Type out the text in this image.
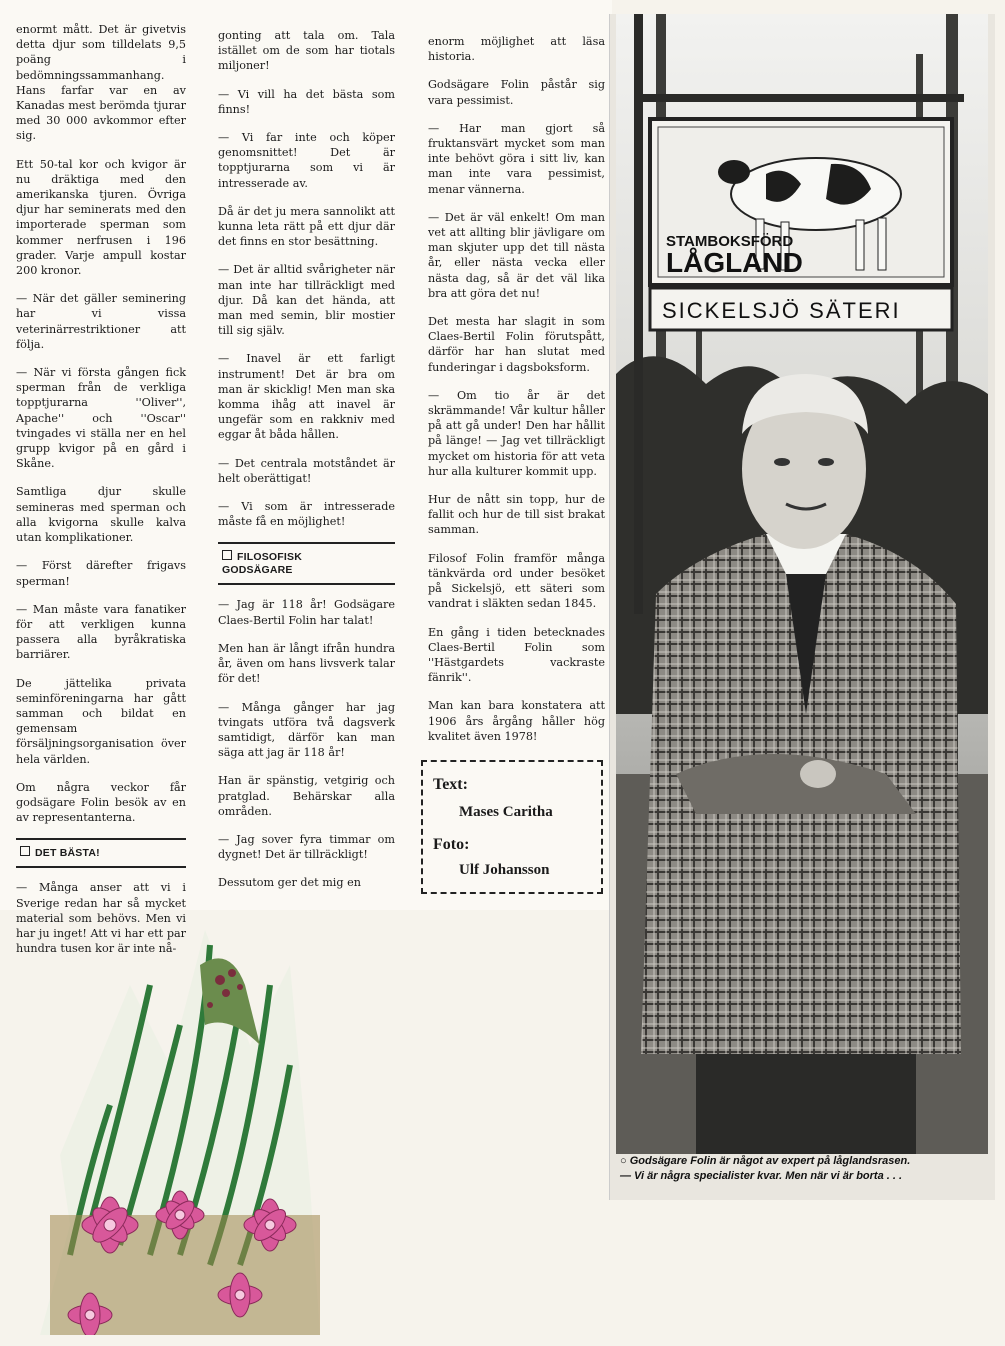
enormt mått. Det är givetvis detta djur som tilldelats 9,5 poäng i bedömningssammanhang. Hans farfar var en av Kanadas mest berömda tjurar med 30 000 avkommor efter sig.

Ett 50-tal kor och kvigor är nu dräktiga med den amerikanska tjuren. Övriga djur har seminerats med den importerade sperman som kommer nerfrusen i 196 grader. Varje ampull kostar 200 kronor.

— När det gäller seminering har vi vissa veterinärrestriktioner att följa.

— När vi första gången fick sperman från de verkliga topptjurarna ''Oliver'', Apache'' och ''Oscar'' tvingades vi ställa ner en hel grupp kvigor på en gård i Skåne.

Samtliga djur skulle semineras med sperman och alla kvigorna skulle kalva utan komplikationer.

— Först därefter frigavs sperman!

— Man måste vara fanatiker för att verkligen kunna passera alla byråkratiska barriärer.

De jättelika privata seminföreningarna har gått samman och bildat en gemensam försäljningsorganisation över hela världen.

Om några veckor får godsägare Folin besök av en av representanterna.

DET BÄSTA!

— Många anser att vi i Sverige redan har så mycket material som behövs. Men vi har ju inget! Att vi har ett par hundra tusen kor är inte nå-

gonting att tala om. Tala istället om de som har tiotals miljoner!

— Vi vill ha det bästa som finns!

— Vi far inte och köper genomsnittet! Det är topptjurarna som vi är intresserade av.

Då är det ju mera sannolikt att kunna leta rätt på ett djur där det finns en stor besättning.

— Det är alltid svårigheter när man inte har tillräckligt med djur. Då kan det hända, att man med semin, blir mostier till sig själv.

— Inavel är ett farligt instrument! Det är bra om man är skicklig! Men man ska komma ihåg att inavel är ungefär som en rakkniv med eggar åt båda hållen.

— Det centrala motståndet är helt oberättigat!

— Vi som är intresserade måste få en möjlighet!

FILOSOFISK
GODSÄGARE

— Jag är 118 år! Godsägare Claes-Bertil Folin har talat!

Men han är långt ifrån hundra år, även om hans livsverk talar för det!

— Många gånger har jag tvingats utföra två dagsverk samtidigt, därför kan man säga att jag är 118 år!

Han är spänstig, vetgirig och pratglad. Behärskar alla områden.

— Jag sover fyra timmar om dygnet! Det är tillräckligt!

Dessutom ger det mig en

enorm möjlighet att läsa historia.

Godsägare Folin påstår sig vara pessimist.

— Har man gjort så fruktansvärt mycket som man inte behövt göra i sitt liv, kan man inte vara pessimist, menar vännerna.

— Det är väl enkelt! Om man vet att allting blir jävligare om man skjuter upp det till nästa år, eller nästa vecka eller nästa dag, så är det väl lika bra att göra det nu!

Det mesta har slagit in som Claes-Bertil Folin förutspått, därför har han slutat med funderingar i dagsboksform.

— Om tio år är det skrämmande! Vår kultur håller på att gå under! Den har hållit på länge! — Jag vet tillräckligt mycket om historia för att veta hur alla kulturer kommit upp.

Hur de nått sin topp, hur de fallit och hur de till sist brakat samman.

Filosof Folin framför många tänkvärda ord under besöket på Sickelsjö, ett säteri som vandrat i släkten sedan 1845.

En gång i tiden betecknades Claes-Bertil Folin som ''Hästgardets vackraste fänrik''.

Man kan bara konstatera att 1906 års årgång håller hög kvalitet även 1978!

Text:
Mases Caritha
Foto:
Ulf Johansson
STAMBOKSFÖRD
LÅGLAND
SICKELSJÖ SÄTERI
○ Godsägare Folin är något av expert på låglandsrasen.
— Vi är några specialister kvar. Men när vi är borta . . .
